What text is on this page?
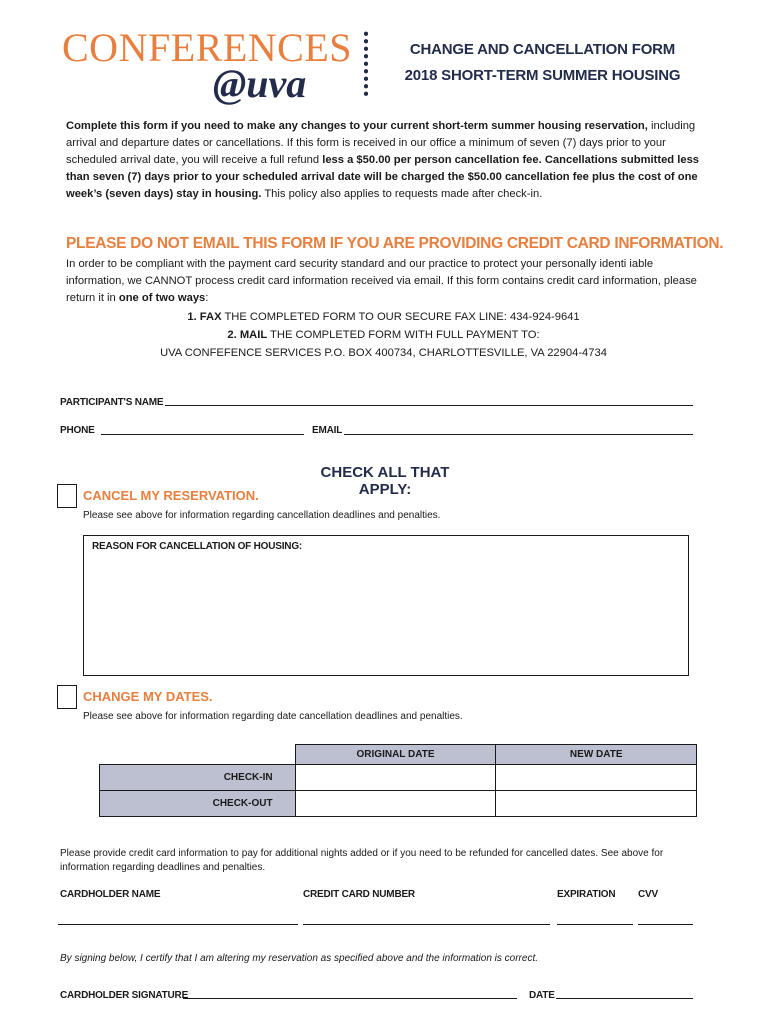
CONFERENCES
@uva
CHANGE AND CANCELLATION FORM
2018 SHORT-TERM SUMMER HOUSING
Complete this form if you need to make any changes to your current short-term summer housing reservation, including arrival and departure dates or cancellations. If this form is received in our office a minimum of seven (7) days prior to your scheduled arrival date, you will receive a full refund less a $50.00 per person cancellation fee. Cancellations submitted less than seven (7) days prior to your scheduled arrival date will be charged the $50.00 cancellation fee plus the cost of one week’s (seven days) stay in housing. This policy also applies to requests made after check-in.
PLEASE DO NOT EMAIL THIS FORM IF YOU ARE PROVIDING CREDIT CARD INFORMATION.
In order to be compliant with the payment card security standard and our practice to protect your personally identi iable information, we CANNOT process credit card information received via email. If this form contains credit card information, please return it in one of two ways:
1. FAX THE COMPLETED FORM TO OUR SECURE FAX LINE: 434-924-9641
2. MAIL THE COMPLETED FORM WITH FULL PAYMENT TO:
UVA CONFEFENCE SERVICES P.O. BOX 400734, CHARLOTTESVILLE, VA 22904-4734
PARTICIPANT'S NAME
PHONE	EMAIL
CHECK ALL THAT APPLY:
CANCEL MY RESERVATION.
Please see above for information regarding cancellation deadlines and penalties.
REASON FOR CANCELLATION OF HOUSING:
CHANGE MY DATES.
Please see above for information regarding date cancellation deadlines and penalties.
	ORIGINAL DATE	NEW DATE
CHECK-IN		
CHECK-OUT		
Please provide credit card information to pay for additional nights added or if you need to be refunded for cancelled dates. See above for information regarding deadlines and penalties.
CARDHOLDER NAME	CREDIT CARD NUMBER	EXPIRATION CVV
By signing below, I certify that I am altering my reservation as specified above and the information is correct.
CARDHOLDER SIGNATURE	DATE
